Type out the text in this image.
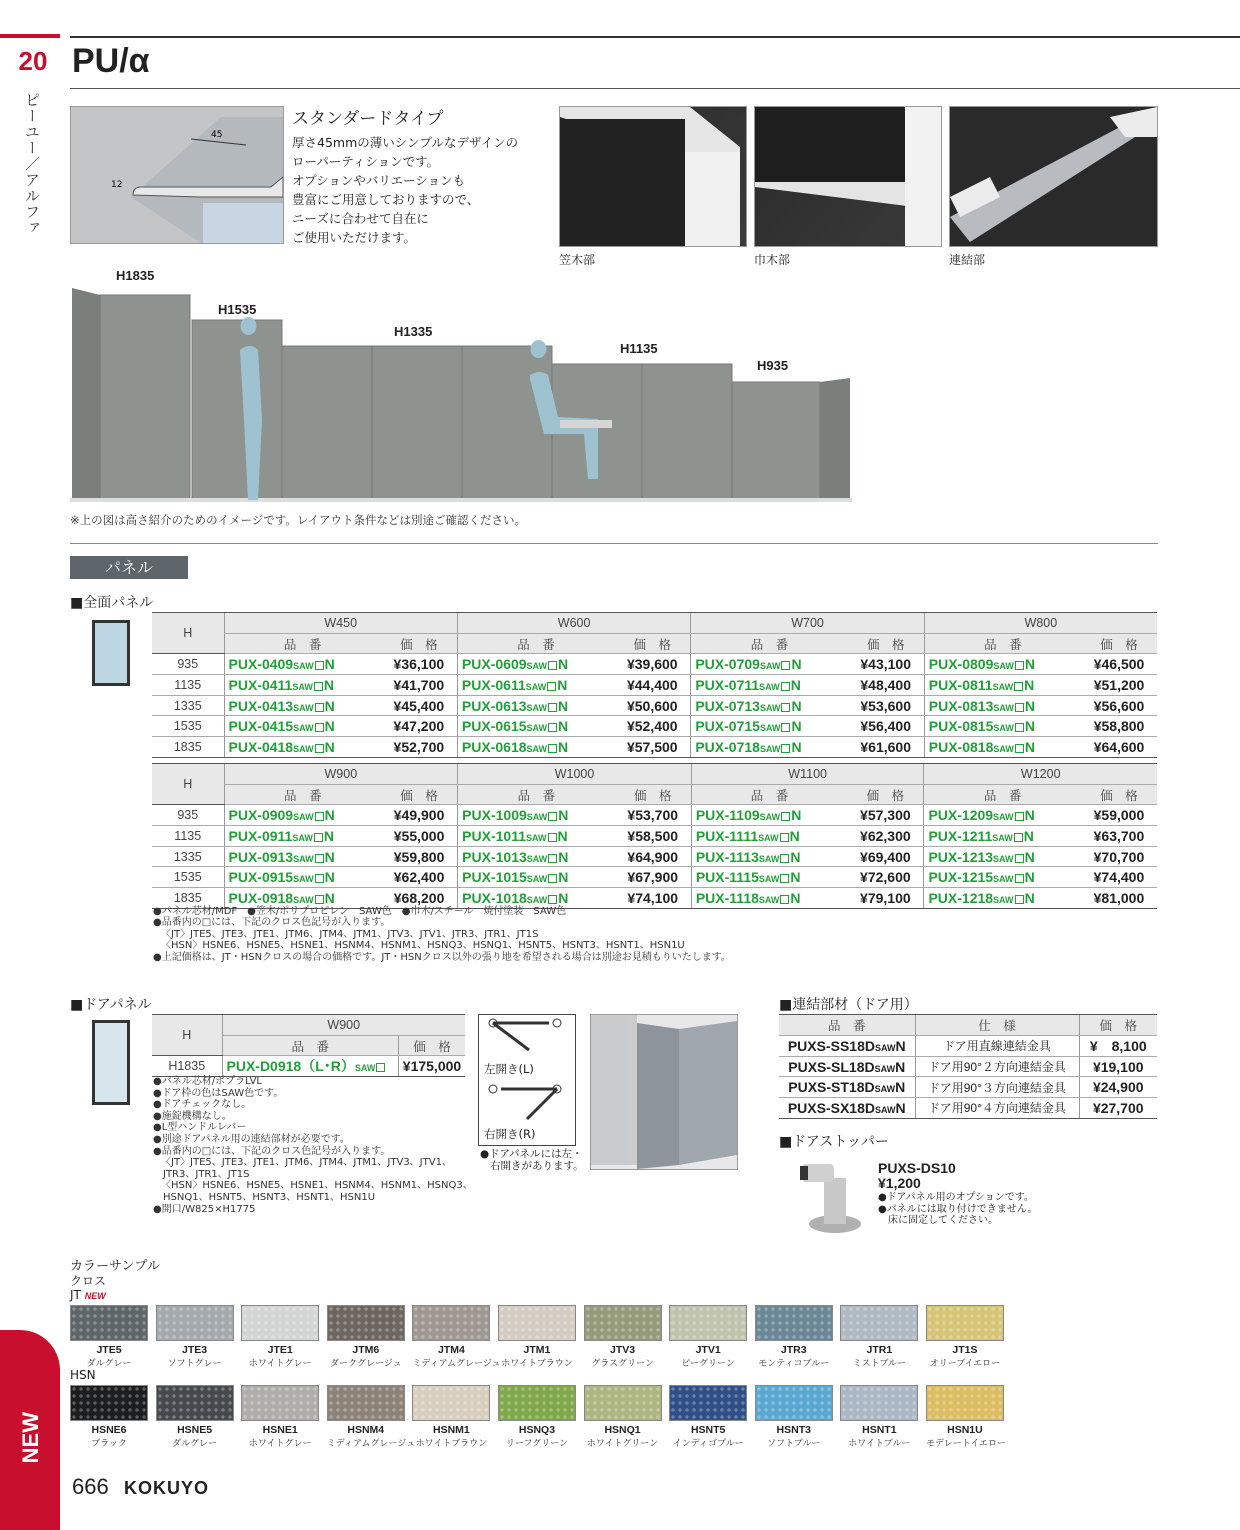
20
ピーユー／アルファ
PU/α
45
12
スタンダードタイプ
厚さ45mmの薄いシンプルなデザインの
ローパーティションです。
オプションやバリエーションも
豊富にご用意しておりますので、
ニーズに合わせて自在に
ご使用いただけます。
笠木部	巾木部	連結部
H1835
H1535
H1335
H1135
H935
※上の図は高さ紹介のためのイメージです。レイアウト条件などは別途ご確認ください。
パネル
■全面パネル
H	W450		W600		W700		W800	
	品　番	価　格	品　番	価　格	品　番	価　格	品　番	価　格
935	PUX-0409SAW N	¥36,100	PUX-0609SAW N	¥39,600	PUX-0709SAW N	¥43,100	PUX-0809SAW N	¥46,500
1135	PUX-0411SAW N	¥41,700	PUX-0611SAW N	¥44,400	PUX-0711SAW N	¥48,400	PUX-0811SAW N	¥51,200
1335	PUX-0413SAW N	¥45,400	PUX-0613SAW N	¥50,600	PUX-0713SAW N	¥53,600	PUX-0813SAW N	¥56,600
1535	PUX-0415SAW N	¥47,200	PUX-0615SAW N	¥52,400	PUX-0715SAW N	¥56,400	PUX-0815SAW N	¥58,800
1835	PUX-0418SAW N	¥52,700	PUX-0618SAW N	¥57,500	PUX-0718SAW N	¥61,600	PUX-0818SAW N	¥64,600
H	W900		W1000		W1100		W1200	
	品　番	価　格	品　番	価　格	品　番	価　格	品　番	価　格
935	PUX-0909SAW N	¥49,900	PUX-1009SAW N	¥53,700	PUX-1109SAW N	¥57,300	PUX-1209SAW N	¥59,000
1135	PUX-0911SAW N	¥55,000	PUX-1011SAW N	¥58,500	PUX-1111SAW N	¥62,300	PUX-1211SAW N	¥63,700
1335	PUX-0913SAW N	¥59,800	PUX-1013SAW N	¥64,900	PUX-1113SAW N	¥69,400	PUX-1213SAW N	¥70,700
1535	PUX-0915SAW N	¥62,400	PUX-1015SAW N	¥67,900	PUX-1115SAW N	¥72,600	PUX-1215SAW N	¥74,400
1835	PUX-0918SAW N	¥68,200	PUX-1018SAW N	¥74,100	PUX-1118SAW N	¥79,100	PUX-1218SAW N	¥81,000
●パネル芯材/MDF　●笠木/ポリプロピレン　SAW色　●巾木/スチール　焼付塗装　SAW色
●品番内の□には、下記のクロス色記号が入ります。
〈JT〉JTE5、JTE3、JTE1、JTM6、JTM4、JTM1、JTV3、JTV1、JTR3、JTR1、JT1S
〈HSN〉HSNE6、HSNE5、HSNE1、HSNM4、HSNM1、HSNQ3、HSNQ1、HSNT5、HSNT3、HSNT1、HSN1U
●上記価格は、JT・HSNクロスの場合の価格です。JT・HSNクロス以外の張り地を希望される場合は別途お見積もりいたします。
■ドアパネル
H	W900	
	品　番	価　格
H1835	PUX-D0918（L･R）SAW	¥175,000
●パネル芯材/ポプラLVL
●ドア枠の色はSAW色です。
●ドアチェックなし。
●施錠機構なし。
●L型ハンドルレバー
●別途ドアパネル用の連結部材が必要です。
●品番内の□には、下記のクロス色記号が入ります。
〈JT〉JTE5、JTE3、JTE1、JTM6、JTM4、JTM1、JTV3、JTV1、
JTR3、JTR1、JT1S
〈HSN〉HSNE6、HSNE5、HSNE1、HSNM4、HSNM1、HSNQ3、
HSNQ1、HSNT5、HSNT3、HSNT1、HSN1U
●開口/W825×H1775
左開き(L)
右開き(R)
●ドアパネルには左・
右開きがあります。
■連結部材（ドア用）
品　番	仕　様	価　格
PUXS-SS18DSAWN	ドア用直線連結金具	¥　8,100
PUXS-SL18DSAWN	ドア用90°２方向連結金具	¥19,100
PUXS-ST18DSAWN	ドア用90°３方向連結金具	¥24,900
PUXS-SX18DSAWN	ドア用90°４方向連結金具	¥27,700
■ドアストッパー
PUXS-DS10
¥1,200
●ドアパネル用のオプションです。
●パネルには取り付けできません。
　床に固定してください。
カラーサンプル
クロス
JT NEW
JTE5
ダルグレー
JTE3
ソフトグレー
JTE1
ホワイトグレー
JTM6
ダークグレージュ
JTM4
ミディアムグレージュ
JTM1
ホワイトブラウン
JTV3
グラスグリーン
JTV1
ピーグリーン
JTR3
モンティコブルー
JTR1
ミストブルー
JT1S
オリーブイエロー
HSN
HSNE6
ブラック
HSNE5
ダルグレー
HSNE1
ホワイトグレー
HSNM4
ミディアムグレージュ
HSNM1
ホワイトブラウン
HSNQ3
リーフグリーン
HSNQ1
ホワイトグリーン
HSNT5
インディゴブルー
HSNT3
ソフトブルー
HSNT1
ホワイトブルー
HSN1U
モデレートイエロー
NEW
666 KOKUYO
